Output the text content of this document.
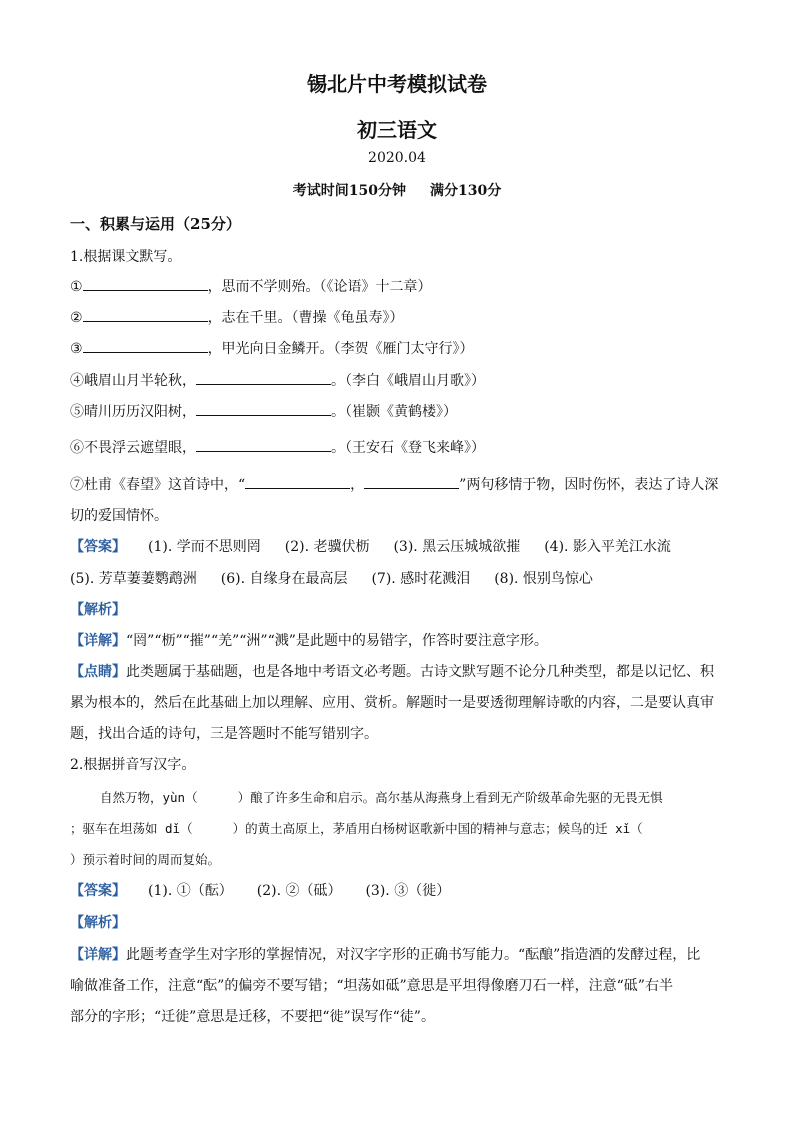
锡北片中考模拟试卷
初三语文
2020.04
考试时间150分钟 满分130分
一、积累与运用（25分）
1.根据课文默写。
①	，思而不学则殆。（《论语》十二章）
②	，志在千里。（曹操《龟虽寿》）
③	，甲光向日金鳞开。（李贺《雁门太守行》）
④峨眉山月半轮秋，	。（李白《峨眉山月歌》）
⑤晴川历历汉阳树，	。（崔颢《黄鹤楼》）
⑥不畏浮云遮望眼，	。（王安石《登飞来峰》）
⑦杜甫《春望》这首诗中，“	，	”两句移情于物，因时伤怀，表达了诗人深
切的爱国情怀。
【答案】 (1). 学而不思则罔 (2). 老骥伏枥 (3). 黑云压城城欲摧 (4). 影入平羌江水流
(5). 芳草萋萋鹦鹉洲 (6). 自缘身在最高层 (7). 感时花溅泪 (8). 恨别鸟惊心
【解析】
【详解】“罔”“枥”“摧”“羌”“洲”“溅”是此题中的易错字，作答时要注意字形。
【点睛】此类题属于基础题，也是各地中考语文必考题。古诗文默写题不论分几种类型，都是以记忆、积
累为根本的，然后在此基础上加以理解、应用、赏析。解题时一是要透彻理解诗歌的内容，二是要认真审
题，找出合适的诗句，三是答题时不能写错别字。
2.根据拼音写汉字。
自然万物，yùn（	）酿了许多生命和启示。高尔基从海燕身上看到无产阶级革命先驱的无畏无惧
；驱车在坦荡如 dǐ（	）的黄土高原上，茅盾用白杨树讴歌新中国的精神与意志；候鸟的迁 xǐ（
）预示着时间的周而复始。
【答案】 (1). ①（酝） (2). ②（砥） (3). ③（徙）
【解析】
【详解】此题考查学生对字形的掌握情况，对汉字字形的正确书写能力。“酝酿”指造酒的发酵过程，比
喻做准备工作，注意“酝”的偏旁不要写错；“坦荡如砥”意思是平坦得像磨刀石一样，注意“砥”右半
部分的字形；“迁徙”意思是迁移，不要把“徙”误写作“徒”。
